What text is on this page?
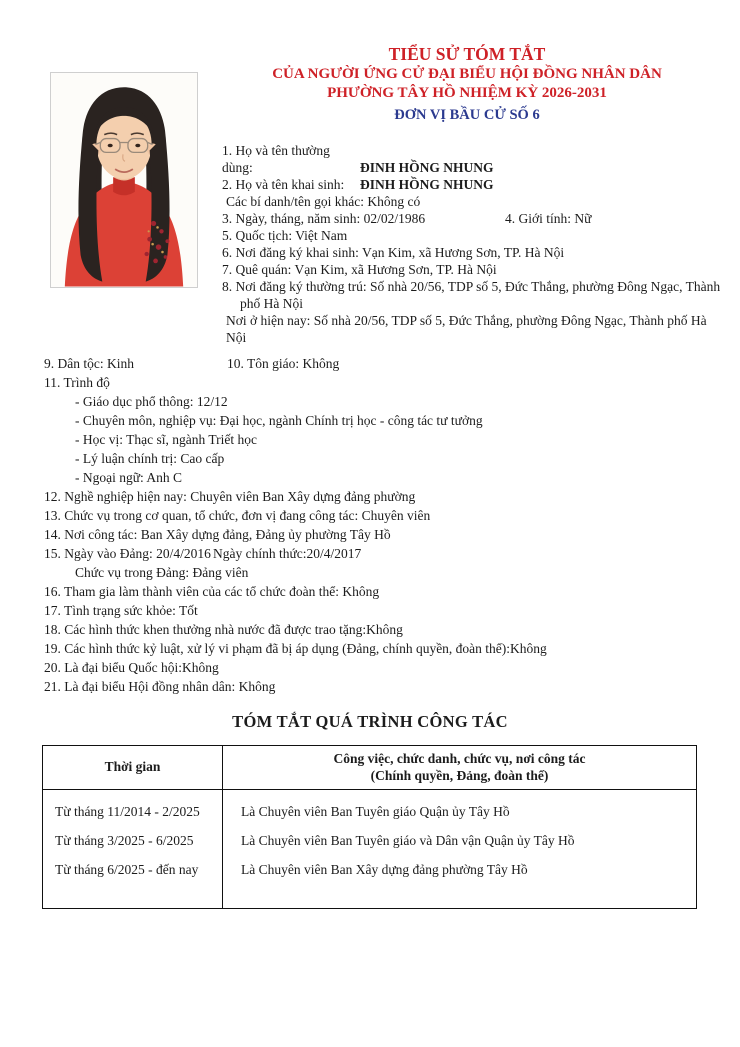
TIỂU SỬ TÓM TẮT
CỦA NGƯỜI ỨNG CỬ ĐẠI BIỂU HỘI ĐỒNG NHÂN DÂN
PHƯỜNG TÂY HỒ NHIỆM KỲ 2026-2031
ĐƠN VỊ BẦU CỬ SỐ 6
1. Họ và tên thường dùng:	ĐINH HỒNG NHUNG
2. Họ và tên khai sinh: ĐINH HỒNG NHUNG
Các bí danh/tên gọi khác: Không có
3. Ngày, tháng, năm sinh: 02/02/1986	4. Giới tính: Nữ
5. Quốc tịch: Việt Nam
6. Nơi đăng ký khai sinh: Vạn Kim, xã Hương Sơn, TP. Hà Nội
7. Quê quán: Vạn Kim, xã Hương Sơn, TP. Hà Nội
8. Nơi đăng ký thường trú: Số nhà 20/56, TDP số 5, Đức Thắng, phường Đông Ngạc, Thành phố Hà Nội
Nơi ở hiện nay: Số nhà 20/56, TDP số 5, Đức Thắng, phường Đông Ngạc, Thành phố Hà Nội
9. Dân tộc: Kinh	10. Tôn giáo: Không
11. Trình độ
- Giáo dục phổ thông: 12/12
- Chuyên môn, nghiệp vụ: Đại học, ngành Chính trị học - công tác tư tưởng
- Học vị: Thạc sĩ, ngành Triết học
- Lý luận chính trị: Cao cấp
- Ngoại ngữ: Anh C
12. Nghề nghiệp hiện nay: Chuyên viên Ban Xây dựng đảng phường
13. Chức vụ trong cơ quan, tổ chức, đơn vị đang công tác: Chuyên viên
14. Nơi công tác: Ban Xây dựng đảng, Đảng ủy phường Tây Hồ
15. Ngày vào Đảng: 20/4/2016 Ngày chính thức:20/4/2017
Chức vụ trong Đảng: Đảng viên
16. Tham gia làm thành viên của các tổ chức đoàn thể: Không
17. Tình trạng sức khỏe: Tốt
18. Các hình thức khen thưởng nhà nước đã được trao tặng:Không
19. Các hình thức kỷ luật, xử lý vi phạm đã bị áp dụng (Đảng, chính quyền, đoàn thể):Không
20. Là đại biểu Quốc hội:Không
21. Là đại biểu Hội đồng nhân dân: Không
TÓM TẮT QUÁ TRÌNH CÔNG TÁC
Thời gian	Công việc, chức danh, chức vụ, nơi công tác
(Chính quyền, Đảng, đoàn thể)

Từ tháng 11/2014 - 2/2025	Là Chuyên viên Ban Tuyên giáo Quận ủy Tây Hồ
Từ tháng 3/2025 - 6/2025	Là Chuyên viên Ban Tuyên giáo và Dân vận Quận ủy Tây Hồ
Từ tháng 6/2025 - đến nay	Là Chuyên viên Ban Xây dựng đảng phường Tây Hồ
